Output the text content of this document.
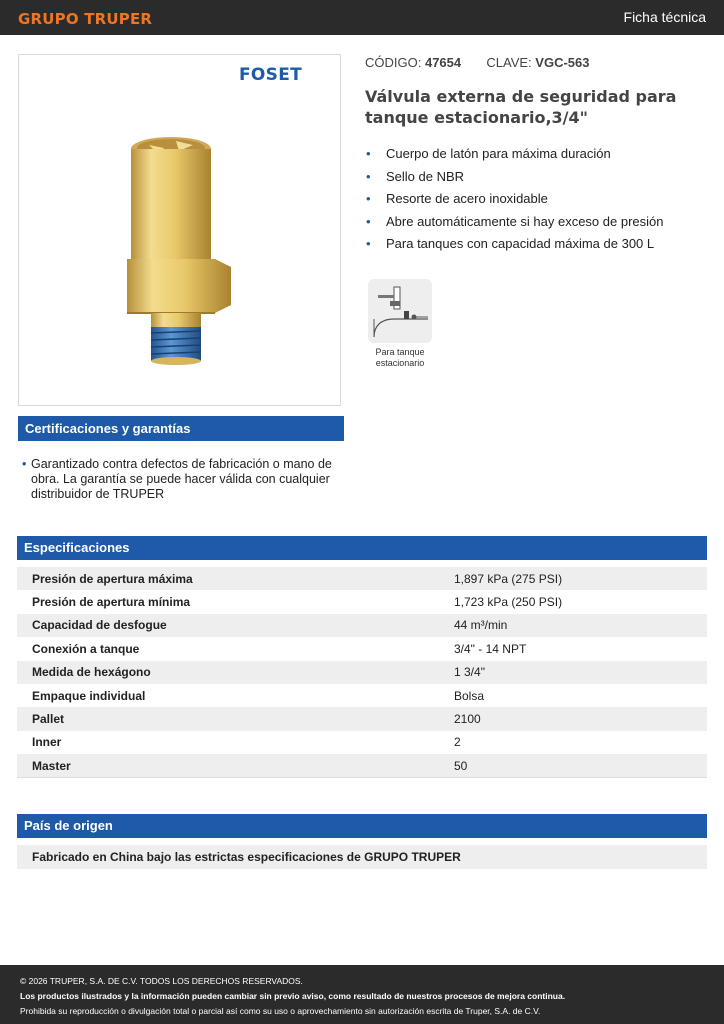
GRUPO TRUPER	Ficha técnica
FOSET
CÓDIGO: 47654 CLAVE: VGC-563
Válvula externa de seguridad para tanque estacionario,3/4"
• Cuerpo de latón para máxima duración
• Sello de NBR
• Resorte de acero inoxidable
• Abre automáticamente si hay exceso de presión
• Para tanques con capacidad máxima de 300 L
Para tanque estacionario
Certificaciones y garantías
• Garantizado contra defectos de fabricación o mano de obra. La garantía se puede hacer válida con cualquier distribuidor de TRUPER
Especificaciones
Presión de apertura máxima	1,897 kPa (275 PSI)
Presión de apertura mínima	1,723 kPa (250 PSI)
Capacidad de desfogue	44 m³/min
Conexión a tanque	3/4" - 14 NPT
Medida de hexágono	1 3/4"
Empaque individual	Bolsa
Pallet	2100
Inner	2
Master	50
País de origen
Fabricado en China bajo las estrictas especificaciones de GRUPO TRUPER
© 2026 TRUPER, S.A. DE C.V. TODOS LOS DERECHOS RESERVADOS.
Los productos ilustrados y la información pueden cambiar sin previo aviso, como resultado de nuestros procesos de mejora continua.
Prohibida su reproducción o divulgación total o parcial así como su uso o aprovechamiento sin autorización escrita de Truper, S.A. de C.V.
